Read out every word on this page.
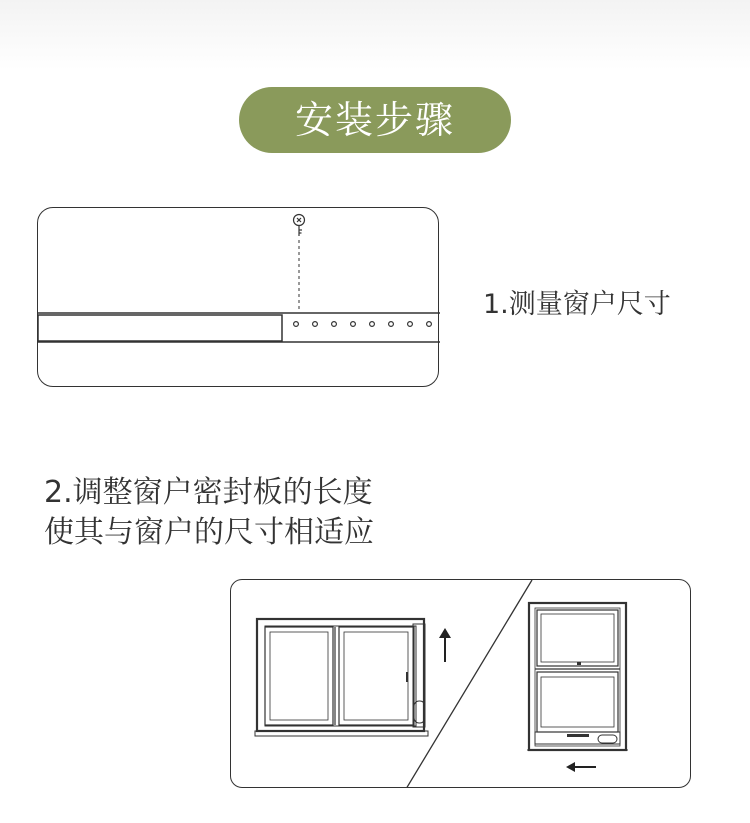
安装步骤
1.测量窗户尺寸
2.调整窗户密封板的长度
使其与窗户的尺寸相适应
